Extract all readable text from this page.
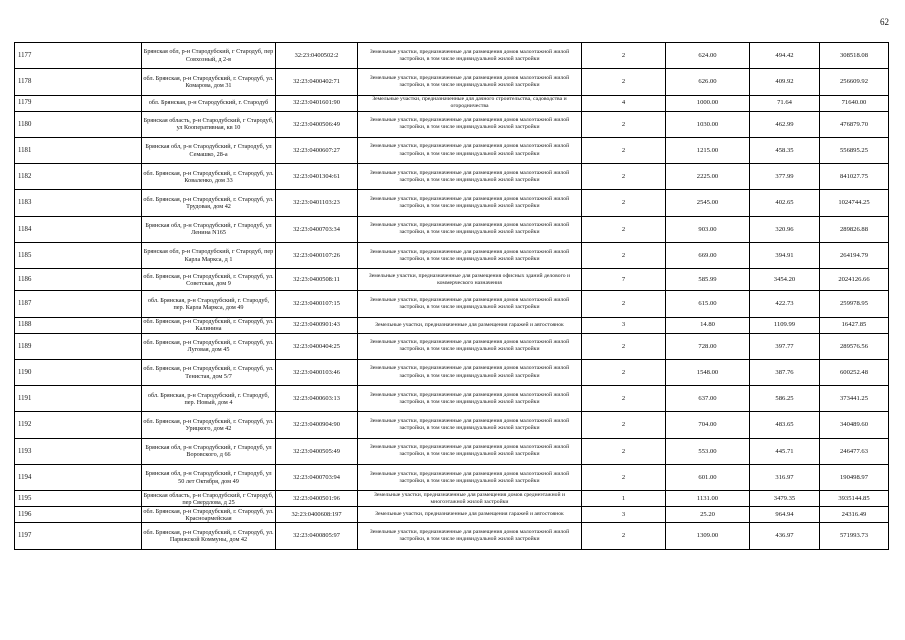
62
1177	Брянская обл, р-н Стародубский, г Стародуб, пер Совхозный, д 2-в	32:23:0400502:2	Земельные участки, предназначенные для размещения домов малоэтажной жилой застройки, в том числе индивидуальной жилой застройки	2	624.00	494.42	308518.08
1178	обл. Брянская, р-н Стародубский, г. Стародуб, ул. Комарова, дом 31	32:23:0400402:71	Земельные участки, предназначенные для размещения домов малоэтажной жилой застройки, в том числе индивидуальной жилой застройки	2	626.00	409.92	256609.92
1179	обл. Брянская, р-н Стародубский, г. Стародуб	32:23:0401601:90	Земельные участки, предназначенные для дачного строительства, садоводства и огородничества	4	1000.00	71.64	71640.00
1180	Брянская область, р-н Стародубский, г Стародуб, ул Кооперативная, кв 10	32:23:0400506:49	Земельные участки, предназначенные для размещения домов малоэтажной жилой застройки, в том числе индивидуальной жилой застройки	2	1030.00	462.99	476879.70
1181	Брянская обл, р-н Стародубский, г Стародуб, ул Семашко, 28-а	32:23:0400607:27	Земельные участки, предназначенные для размещения домов малоэтажной жилой застройки, в том числе индивидуальной жилой застройки	2	1215.00	458.35	556895.25
1182	обл. Брянская, р-н Стародубский, г. Стародуб, ул. Коваленко, дом 33	32:23:0401304:61	Земельные участки, предназначенные для размещения домов малоэтажной жилой застройки, в том числе индивидуальной жилой застройки	2	2225.00	377.99	841027.75
1183	обл. Брянская, р-н Стародубский, г. Стародуб, ул. Трудовая, дом 42	32:23:0401103:23	Земельные участки, предназначенные для размещения домов малоэтажной жилой застройки, в том числе индивидуальной жилой застройки	2	2545.00	402.65	1024744.25
1184	Брянская обл, р-н Стародубский, г Стародуб, ул Ленина N165	32:23:0400703:34	Земельные участки, предназначенные для размещения домов малоэтажной жилой застройки, в том числе индивидуальной жилой застройки	2	903.00	320.96	289826.88
1185	Брянская обл, р-н Стародубский, г Стародуб, пер Карла Маркса, д 1	32:23:0400107:26	Земельные участки, предназначенные для размещения домов малоэтажной жилой застройки, в том числе индивидуальной жилой застройки	2	669.00	394.91	264194.79
1186	обл. Брянская, р-н Стародубский, г. Стародуб, ул. Советская, дом 9	32:23:0400508:11	Земельные участки, предназначенные для размещения офисных зданий делового и коммерческого назначения	7	585.99	3454.20	2024126.66
1187	обл. Брянская, р-н Стародубский, г. Стародуб, пер. Карла Маркса, дом 49	32:23:0400107:15	Земельные участки, предназначенные для размещения домов малоэтажной жилой застройки, в том числе индивидуальной жилой застройки	2	615.00	422.73	259978.95
1188	обл. Брянская, р-н Стародубский, г. Стародуб, ул. Калинина	32:23:0400901:43	Земельные участки, предназначенные для размещения гаражей и автостоянок	3	14.80	1109.99	16427.85
1189	обл. Брянская, р-н Стародубский, г. Стародуб, ул. Луговая, дом 45	32:23:0400404:25	Земельные участки, предназначенные для размещения домов малоэтажной жилой застройки, в том числе индивидуальной жилой застройки	2	728.00	397.77	289576.56
1190	обл. Брянская, р-н Стародубский, г. Стародуб, ул. Тенистая, дом 5/7	32:23:0400103:46	Земельные участки, предназначенные для размещения домов малоэтажной жилой застройки, в том числе индивидуальной жилой застройки	2	1548.00	387.76	600252.48
1191	обл. Брянская, р-н Стародубский, г. Стародуб, пер. Новый, дом 4	32:23:0400603:13	Земельные участки, предназначенные для размещения домов малоэтажной жилой застройки, в том числе индивидуальной жилой застройки	2	637.00	586.25	373441.25
1192	обл. Брянская, р-н Стародубский, г. Стародуб, ул. Урицкого, дом 42	32:23:0400904:90	Земельные участки, предназначенные для размещения домов малоэтажной жилой застройки, в том числе индивидуальной жилой застройки	2	704.00	483.65	340489.60
1193	Брянская обл, р-н Стародубский, г Стародуб, ул Воровского, д 66	32:23:0400505:49	Земельные участки, предназначенные для размещения домов малоэтажной жилой застройки, в том числе индивидуальной жилой застройки	2	553.00	445.71	246477.63
1194	Брянская обл, р-н Стародубский, г Стародуб, ул 50 лет Октября, дом 49	32:23:0400703:94	Земельные участки, предназначенные для размещения домов малоэтажной жилой застройки, в том числе индивидуальной жилой застройки	2	601.00	316.97	190498.97
1195	Брянская область, р-н Стародубский, г Стародуб, пер Свердлова, д 25	32:23:0400501:96	Земельные участки, предназначенные для размещения домов среднеэтажной и многоэтажной жилой застройки	1	1131.00	3479.35	3935144.85
1196	обл. Брянская, р-н Стародубский, г. Стародуб, ул. Красноармейская	32:23:0400608:197	Земельные участки, предназначенные для размещения гаражей и автостоянок	3	25.20	964.94	24316.49
1197	обл. Брянская, р-н Стародубский, г. Стародуб, ул. Парижской Коммуны, дом 42	32:23:0400805:97	Земельные участки, предназначенные для размещения домов малоэтажной жилой застройки, в том числе индивидуальной жилой застройки	2	1309.00	436.97	571993.73
